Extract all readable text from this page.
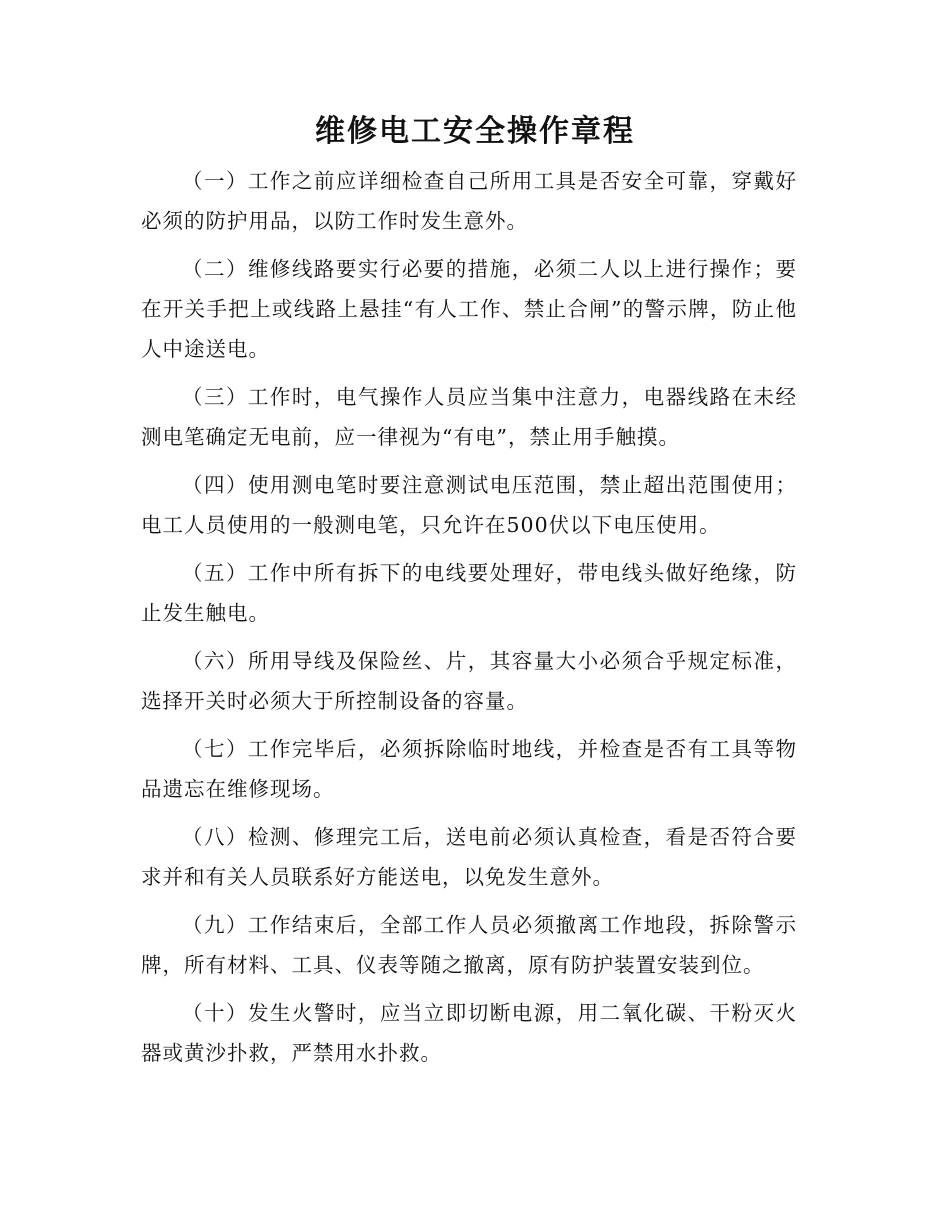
维修电工安全操作章程

（一）工作之前应详细检查自己所用工具是否安全可靠，穿戴好必须的防护用品，以防工作时发生意外。

（二）维修线路要实行必要的措施，必须二人以上进行操作；要在开关手把上或线路上悬挂“有人工作、禁止合闸”的警示牌，防止他人中途送电。

（三）工作时，电气操作人员应当集中注意力，电器线路在未经测电笔确定无电前，应一律视为“有电”，禁止用手触摸。

（四）使用测电笔时要注意测试电压范围，禁止超出范围使用；电工人员使用的一般测电笔，只允许在500伏以下电压使用。

（五）工作中所有拆下的电线要处理好，带电线头做好绝缘，防止发生触电。

（六）所用导线及保险丝、片，其容量大小必须合乎规定标准，选择开关时必须大于所控制设备的容量。

（七）工作完毕后，必须拆除临时地线，并检查是否有工具等物品遗忘在维修现场。

（八）检测、修理完工后，送电前必须认真检查，看是否符合要求并和有关人员联系好方能送电，以免发生意外。

（九）工作结束后，全部工作人员必须撤离工作地段，拆除警示牌，所有材料、工具、仪表等随之撤离，原有防护装置安装到位。

（十）发生火警时，应当立即切断电源，用二氧化碳、干粉灭火器或黄沙扑救，严禁用水扑救。
